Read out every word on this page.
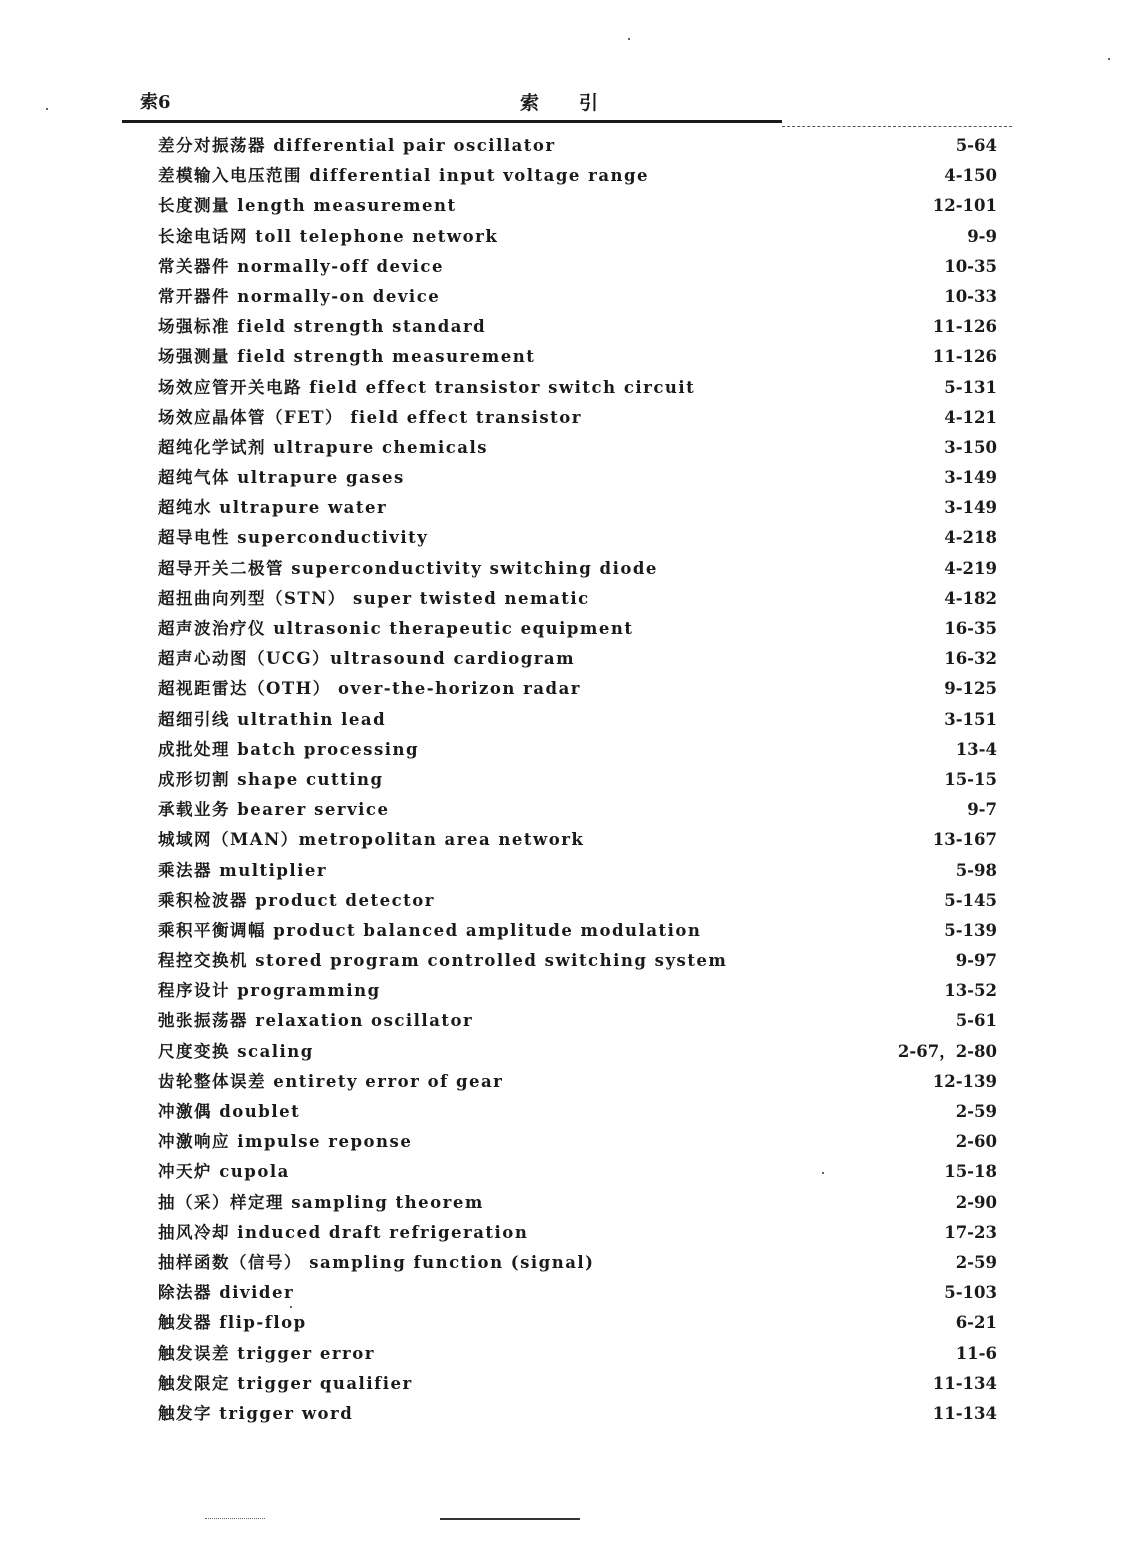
索6	索引
差分对振荡器 differential pair oscillator	5-64
差模输入电压范围 differential input voltage range	4-150
长度测量 length measurement	12-101
长途电话网 toll telephone network	9-9
常关器件 normally-off device	10-35
常开器件 normally-on device	10-33
场强标准 field strength standard	11-126
场强测量 field strength measurement	11-126
场效应管开关电路 field effect transistor switch circuit	5-131
场效应晶体管（FET） field effect transistor	4-121
超纯化学试剂 ultrapure chemicals	3-150
超纯气体 ultrapure gases	3-149
超纯水 ultrapure water	3-149
超导电性 superconductivity	4-218
超导开关二极管 superconductivity switching diode	4-219
超扭曲向列型（STN） super twisted nematic	4-182
超声波治疗仪 ultrasonic therapeutic equipment	16-35
超声心动图（UCG）ultrasound cardiogram	16-32
超视距雷达（OTH） over-the-horizon radar	9-125
超细引线 ultrathin lead	3-151
成批处理 batch processing	13-4
成形切割 shape cutting	15-15
承载业务 bearer service	9-7
城域网（MAN）metropolitan area network	13-167
乘法器 multiplier	5-98
乘积检波器 product detector	5-145
乘积平衡调幅 product balanced amplitude modulation	5-139
程控交换机 stored program controlled switching system	9-97
程序设计 programming	13-52
弛张振荡器 relaxation oscillator	5-61
尺度变换 scaling	2-67，2-80
齿轮整体误差 entirety error of gear	12-139
冲激偶 doublet	2-59
冲激响应 impulse reponse	2-60
冲天炉 cupola	15-18
抽（采）样定理 sampling theorem	2-90
抽风冷却 induced draft refrigeration	17-23
抽样函数（信号） sampling function (signal)	2-59
除法器 divider	5-103
触发器 flip-flop	6-21
触发误差 trigger error	11-6
触发限定 trigger qualifier	11-134
触发字 trigger word	11-134
